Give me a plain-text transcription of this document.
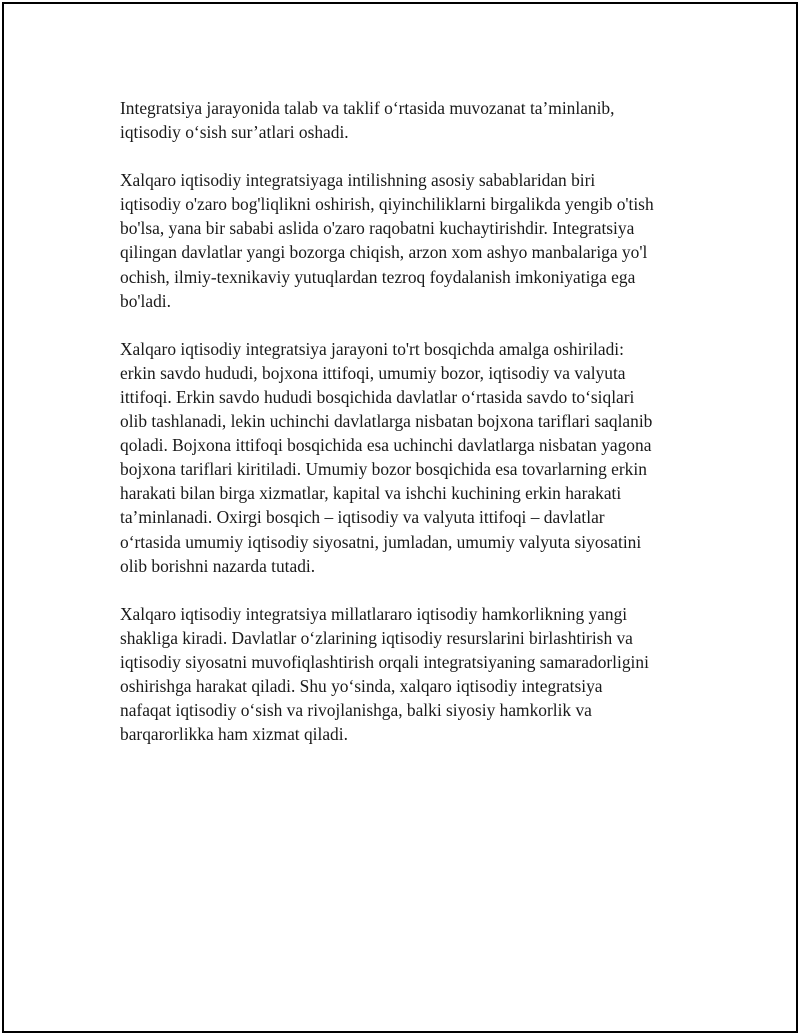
Integratsiya jarayonida talab va taklif o‘rtasida muvozanat ta’minlanib,
iqtisodiy o‘sish sur’atlari oshadi.

Xalqaro iqtisodiy integratsiyaga intilishning asosiy sabablaridan biri
iqtisodiy o'zaro bog'liqlikni oshirish, qiyinchiliklarni birgalikda yengib o'tish
bo'lsa, yana bir sababi aslida o'zaro raqobatni kuchaytirishdir. Integratsiya
qilingan davlatlar yangi bozorga chiqish, arzon xom ashyo manbalariga yo'l
ochish, ilmiy-texnikaviy yutuqlardan tezroq foydalanish imkoniyatiga ega
bo'ladi.

Xalqaro iqtisodiy integratsiya jarayoni to'rt bosqichda amalga oshiriladi:
erkin savdo hududi, bojxona ittifoqi, umumiy bozor, iqtisodiy va valyuta
ittifoqi. Erkin savdo hududi bosqichida davlatlar o‘rtasida savdo to‘siqlari
olib tashlanadi, lekin uchinchi davlatlarga nisbatan bojxona tariflari saqlanib
qoladi. Bojxona ittifoqi bosqichida esa uchinchi davlatlarga nisbatan yagona
bojxona tariflari kiritiladi. Umumiy bozor bosqichida esa tovarlarning erkin
harakati bilan birga xizmatlar, kapital va ishchi kuchining erkin harakati
ta’minlanadi. Oxirgi bosqich – iqtisodiy va valyuta ittifoqi – davlatlar
o‘rtasida umumiy iqtisodiy siyosatni, jumladan, umumiy valyuta siyosatini
olib borishni nazarda tutadi.

Xalqaro iqtisodiy integratsiya millatlararo iqtisodiy hamkorlikning yangi
shakliga kiradi. Davlatlar o‘zlarining iqtisodiy resurslarini birlashtirish va
iqtisodiy siyosatni muvofiqlashtirish orqali integratsiyaning samaradorligini
oshirishga harakat qiladi. Shu yo‘sinda, xalqaro iqtisodiy integratsiya
nafaqat iqtisodiy o‘sish va rivojlanishga, balki siyosiy hamkorlik va
barqarorlikka ham xizmat qiladi.
